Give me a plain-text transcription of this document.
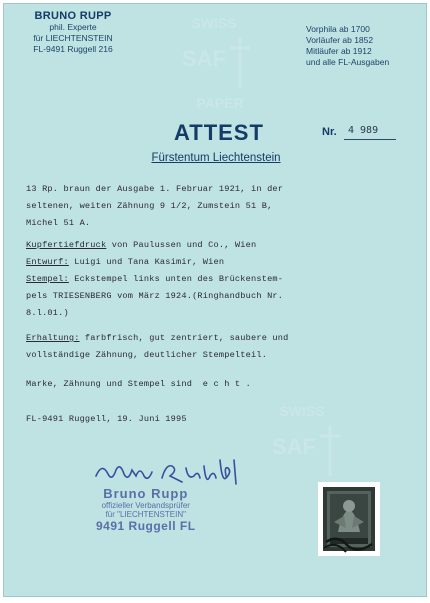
BRUNO RUPP
phil. Experte
für LIECHTENSTEIN
FL-9491 Ruggell 216
SWISS
SAF
PAPER
Vorphila ab 1700
Vorläufer ab 1852
Mitläufer ab 1912
und alle FL-Ausgaben
ATTEST	Nr. 4 989
Fürstentum Liechtenstein
13 Rp. braun der Ausgabe 1. Februar 1921, in der
seltenen, weiten Zähnung 9 1/2, Zumstein 51 B,
Michel 51 A.
Kupfertiefdruck von Paulussen und Co., Wien
Entwurf: Luigi und Tana Kasimir, Wien
Stempel: Eckstempel links unten des Brückenstem-
pels TRIESENBERG vom März 1924.(Ringhandbuch Nr.
8.l.01.)
Erhaltung: farbfrisch, gut zentriert, saubere und
vollständige Zähnung, deutlicher Stempelteil.
Marke, Zähnung und Stempel sind  e c h t .
FL-9491 Ruggell, 19. Juni 1995
Bruno Rupp
offizieller Verbandsprüfer
für "LIECHTENSTEIN"
9491 Ruggell FL
SWISS
SAF
